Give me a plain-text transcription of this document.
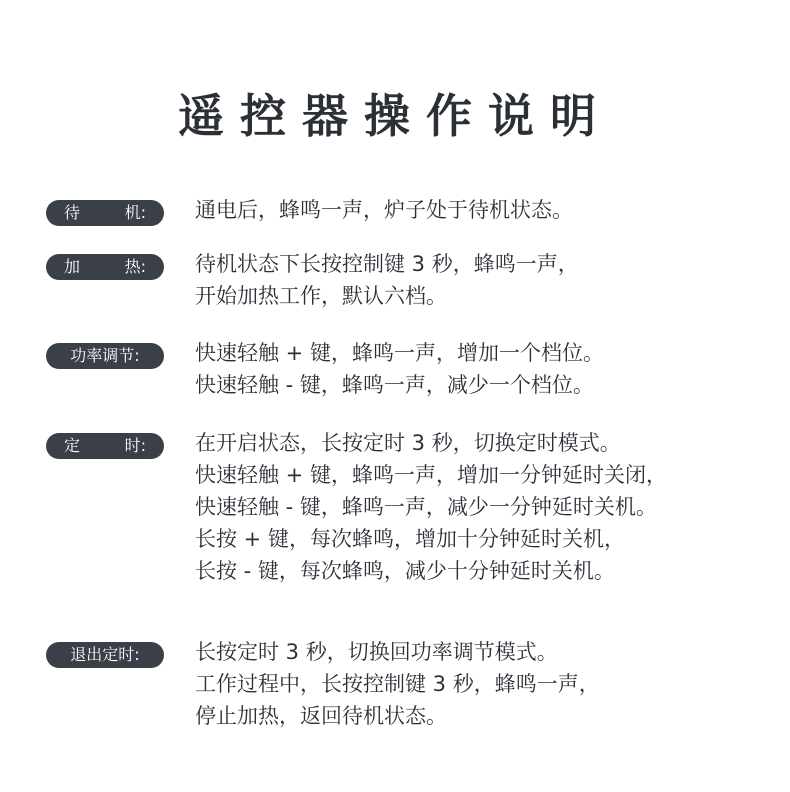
遥控器操作说明
待	机: 通电后，蜂鸣一声，炉子处于待机状态。
加	热: 待机状态下长按控制键 3 秒，蜂鸣一声，
开始加热工作，默认六档。
功率调节:	快速轻触 + 键，蜂鸣一声，增加一个档位。
快速轻触 - 键，蜂鸣一声，减少一个档位。
定	时: 在开启状态，长按定时 3 秒，切换定时模式。
快速轻触 + 键，蜂鸣一声，增加一分钟延时关闭，
快速轻触 - 键，蜂鸣一声，减少一分钟延时关机。
长按 + 键，每次蜂鸣，增加十分钟延时关机，
长按 - 键，每次蜂鸣，减少十分钟延时关机。
退出定时:	长按定时 3 秒，切换回功率调节模式。
工作过程中，长按控制键 3 秒，蜂鸣一声，
停止加热，返回待机状态。
